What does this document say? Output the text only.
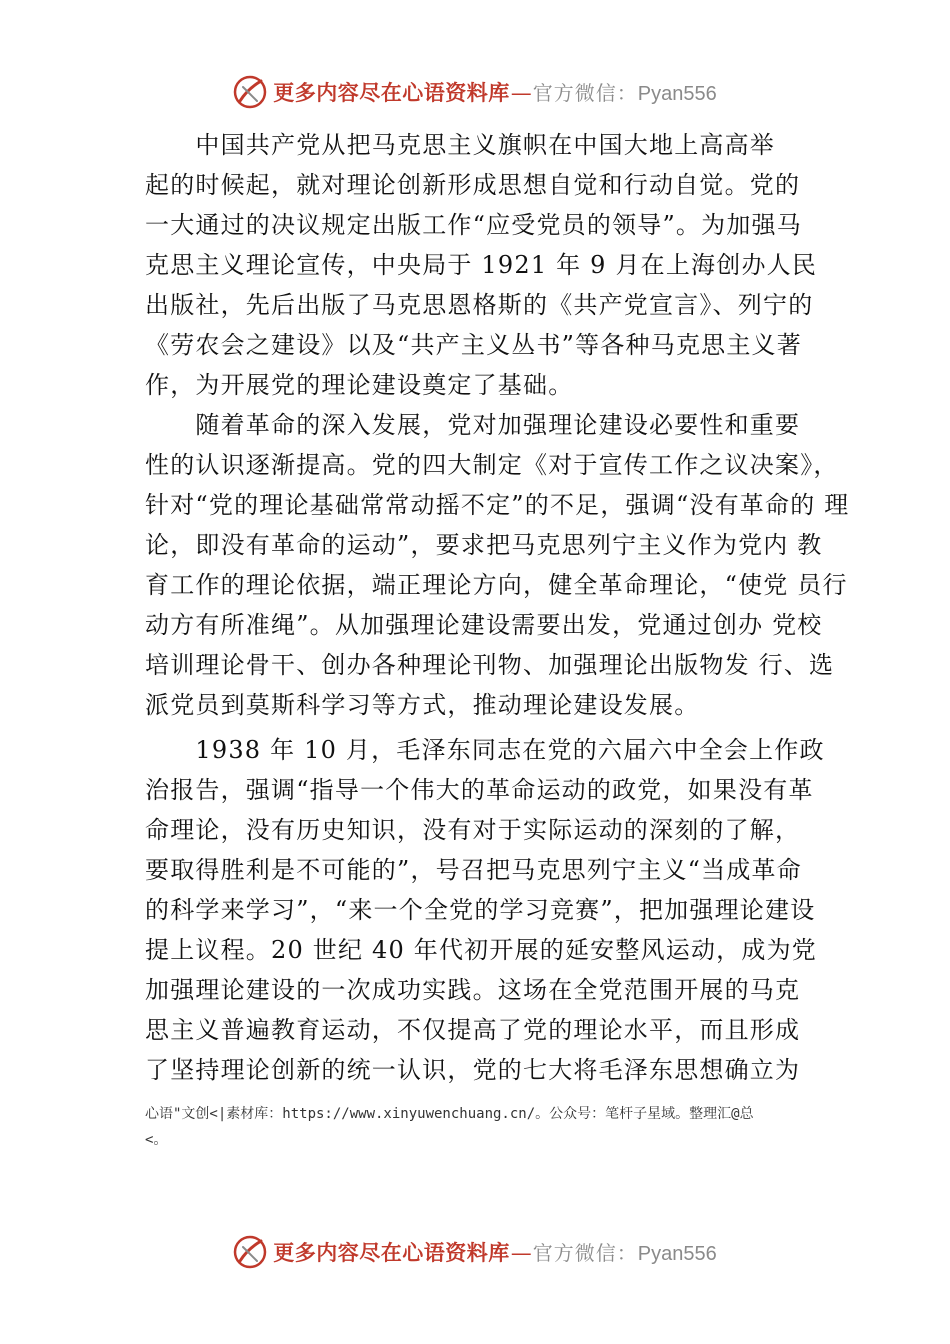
更多内容尽在心语资料库 — 官方微信： Pyan556
　　中国共产党从把马克思主义旗帜在中国大地上高高举
起的时候起，就对理论创新形成思想自觉和行动自觉。党的
一大通过的决议规定出版工作“应受党员的领导”。为加强马
克思主义理论宣传，中央局于 1921 年 9 月在上海创办人民
出版社，先后出版了马克思恩格斯的《共产党宣言》、列宁的
《劳农会之建设》以及“共产主义丛书”等各种马克思主义著
作，为开展党的理论建设奠定了基础。
　　随着革命的深入发展，党对加强理论建设必要性和重要
性的认识逐渐提高。党的四大制定《对于宣传工作之议决案》，
针对“党的理论基础常常动摇不定”的不足，强调“没有革命的 理
论，即没有革命的运动”，要求把马克思列宁主义作为党内 教
育工作的理论依据，端正理论方向，健全革命理论，“使党 员行
动方有所准绳”。从加强理论建设需要出发，党通过创办 党校
培训理论骨干、创办各种理论刊物、加强理论出版物发 行、选
派党员到莫斯科学习等方式，推动理论建设发展。
　　1938 年 10 月，毛泽东同志在党的六届六中全会上作政
治报告，强调“指导一个伟大的革命运动的政党，如果没有革
命理论，没有历史知识，没有对于实际运动的深刻的了解，
要取得胜利是不可能的”，号召把马克思列宁主义“当成革命
的科学来学习”，“来一个全党的学习竞赛”，把加强理论建设
提上议程。20 世纪 40 年代初开展的延安整风运动，成为党
加强理论建设的一次成功实践。这场在全党范围开展的马克
思主义普遍教育运动，不仅提高了党的理论水平，而且形成
了坚持理论创新的统一认识，党的七大将毛泽东思想确立为
心语"文创<|素材库：https://www.xinyuwenchuang.cn/。公众号：笔杆子星域。整理汇@总
<。
更多内容尽在心语资料库 — 官方微信： Pyan556
